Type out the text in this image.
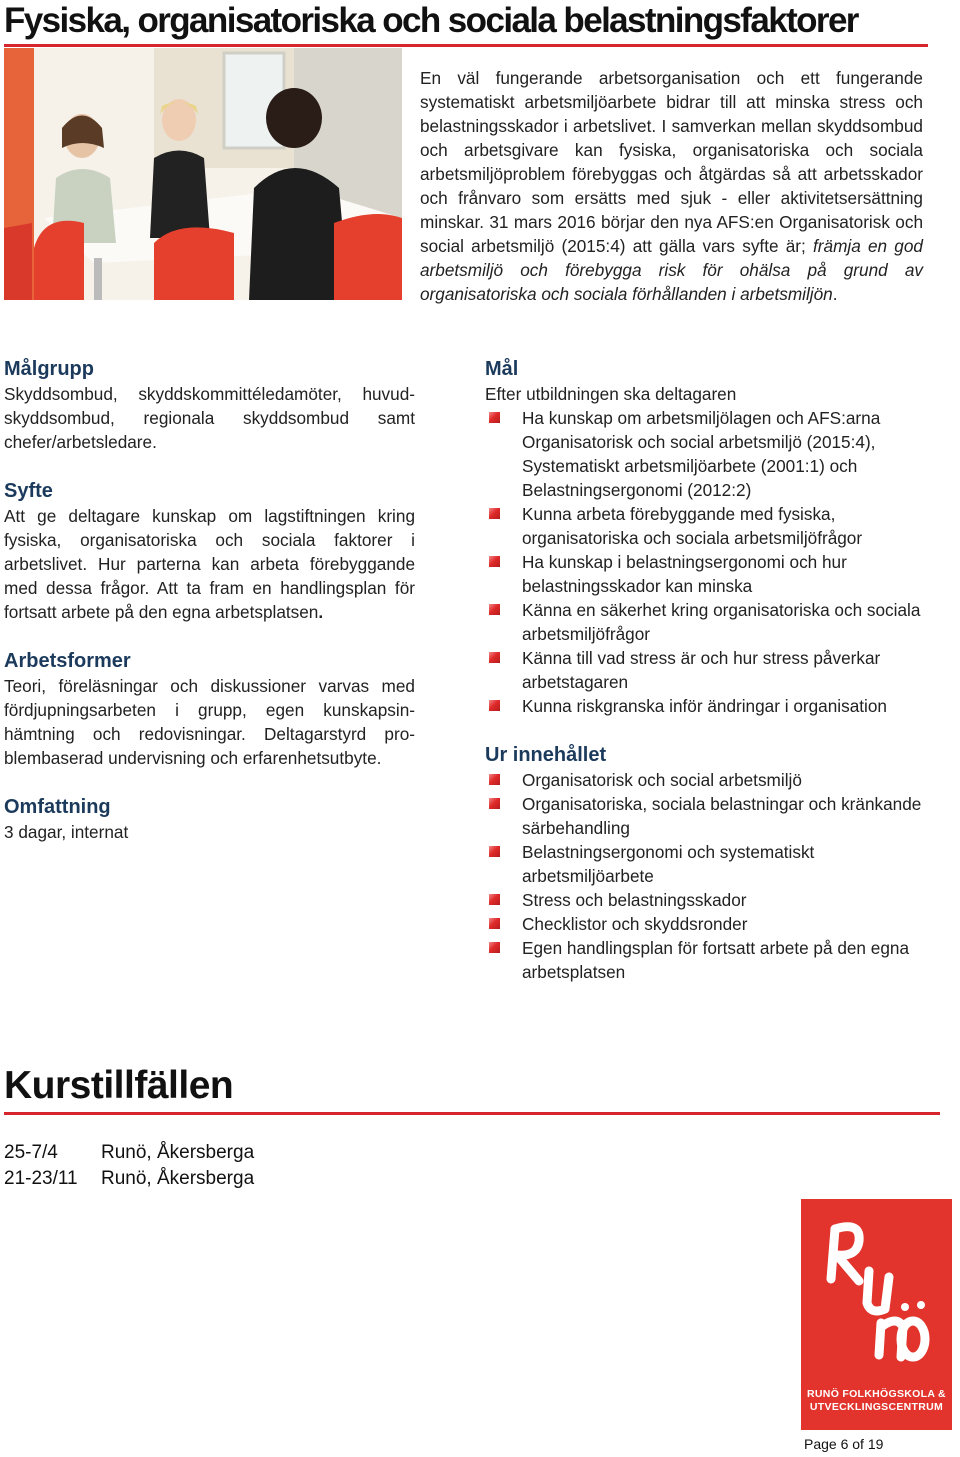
Fysiska, organisatoriska och sociala belastningsfaktorer
En väl fungerande arbetsorganisation och ett fungerande systematiskt arbetsmiljöarbete bidrar till att minska stress och belastningsskador i arbetslivet. I samverkan mellan skyddsombud och arbetsgivare kan fysiska, organisatoriska och sociala arbetsmiljöproblem förebyggas och åtgärdas så att arbetsskador och frånvaro som ersätts med sjuk - eller aktivitetsersättning minskar. 31 mars 2016 börjar den nya AFS:en Organisatorisk och social arbetsmiljö (2015:4) att gälla vars syfte är; främja en god arbetsmiljö och förebygga risk för ohälsa på grund av organisatoriska och sociala förhållanden i arbetsmiljön.

Målgrupp

Skyddsombud, skyddskommittéledamöter, huvud-skyddsombud, regionala skyddsombud samt chefer/arbetsledare.

Syfte

Att ge deltagare kunskap om lagstiftningen kring fysiska, organisatoriska och sociala faktorer i arbetslivet. Hur parterna kan arbeta förebyggande med dessa frågor. Att ta fram en handlingsplan för fortsatt arbete på den egna arbetsplatsen.

Arbetsformer

Teori, föreläsningar och diskussioner varvas med fördjupningsarbeten i grupp, egen kunskapsin-hämtning och redovisningar. Deltagarstyrd pro-blembaserad undervisning och erfarenhetsutbyte.

Omfattning

3 dagar, internat

Mål

Efter utbildningen ska deltagaren

Ha kunskap om arbetsmiljölagen och AFS:arna Organisatorisk och social arbetsmiljö (2015:4), Systematiskt arbetsmiljöarbete (2001:1) och Belastningsergonomi (2012:2)
Kunna arbeta förebyggande med fysiska, organisatoriska och sociala arbetsmiljöfrågor
Ha kunskap i belastningsergonomi och hur belastningsskador kan minska
Känna en säkerhet kring organisatoriska och sociala arbetsmiljöfrågor
Känna till vad stress är och hur stress påverkar arbetstagaren
Kunna riskgranska inför ändringar i organisation

Ur innehållet

Organisatorisk och social arbetsmiljö
Organisatoriska, sociala belastningar och kränkande särbehandling
Belastningsergonomi och systematiskt arbetsmiljöarbete
Stress och belastningsskador
Checklistor och skyddsronder
Egen handlingsplan för fortsatt arbete på den egna arbetsplatsen
Kurstillfällen
25-7/4	Runö, Åkersberga
21-23/11	Runö, Åkersberga
RUNÖ FOLKHÖGSKOLA &
UTVECKLINGSCENTRUM
Page 6 of 19
